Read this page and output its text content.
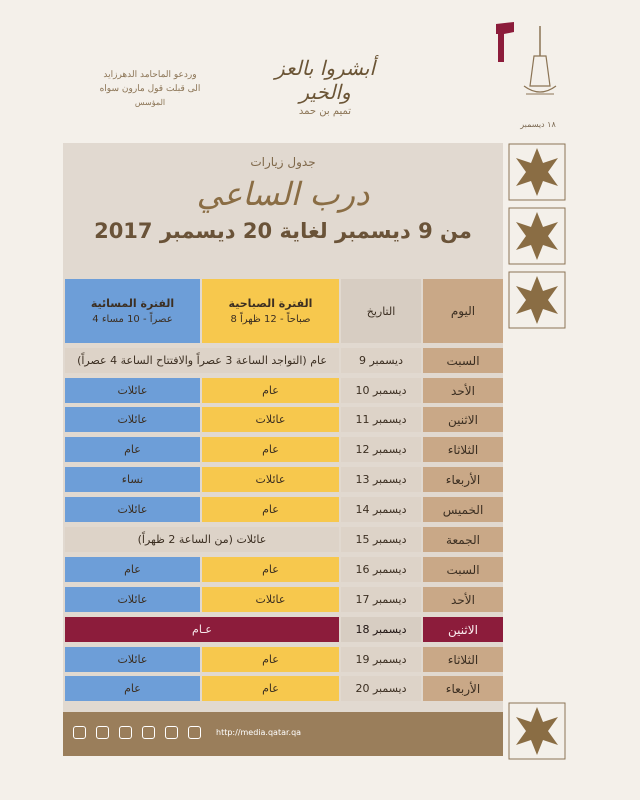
١٨ ديسمبر
أبشروا بالعز والخير
تميم بن حمد
وردعو الماحامد الدهرزايد
الى قبلت قول مارون سواه
المؤسس
جدول زيارات
درب الساعي
من 9 ديسمبر لغاية 20 ديسمبر 2017
اليوم
التاريخ
الفترة الصباحية
8 صباحاً - 12 ظهراً
الفترة المسائية
4 عصراً - 10 مساء
السبت
9 ديسمبر
عام (التواجد الساعة 3 عصراً والافتتاح الساعة 4 عصراً)
الأحد
10 ديسمبر
عام
عائلات
الاثنين
11 ديسمبر
عائلات
عائلات
الثلاثاء
12 ديسمبر
عام
عام
الأربعاء
13 ديسمبر
عائلات
نساء
الخميس
14 ديسمبر
عام
عائلات
الجمعة
15 ديسمبر
عائلات (من الساعة 2 ظهراً)
السبت
16 ديسمبر
عام
عام
الأحد
17 ديسمبر
عائلات
عائلات
الاثنين
18 ديسمبر
عـام
الثلاثاء
19 ديسمبر
عام
عائلات
الأربعاء
20 ديسمبر
عام
عام
http://media.qatar.qa
